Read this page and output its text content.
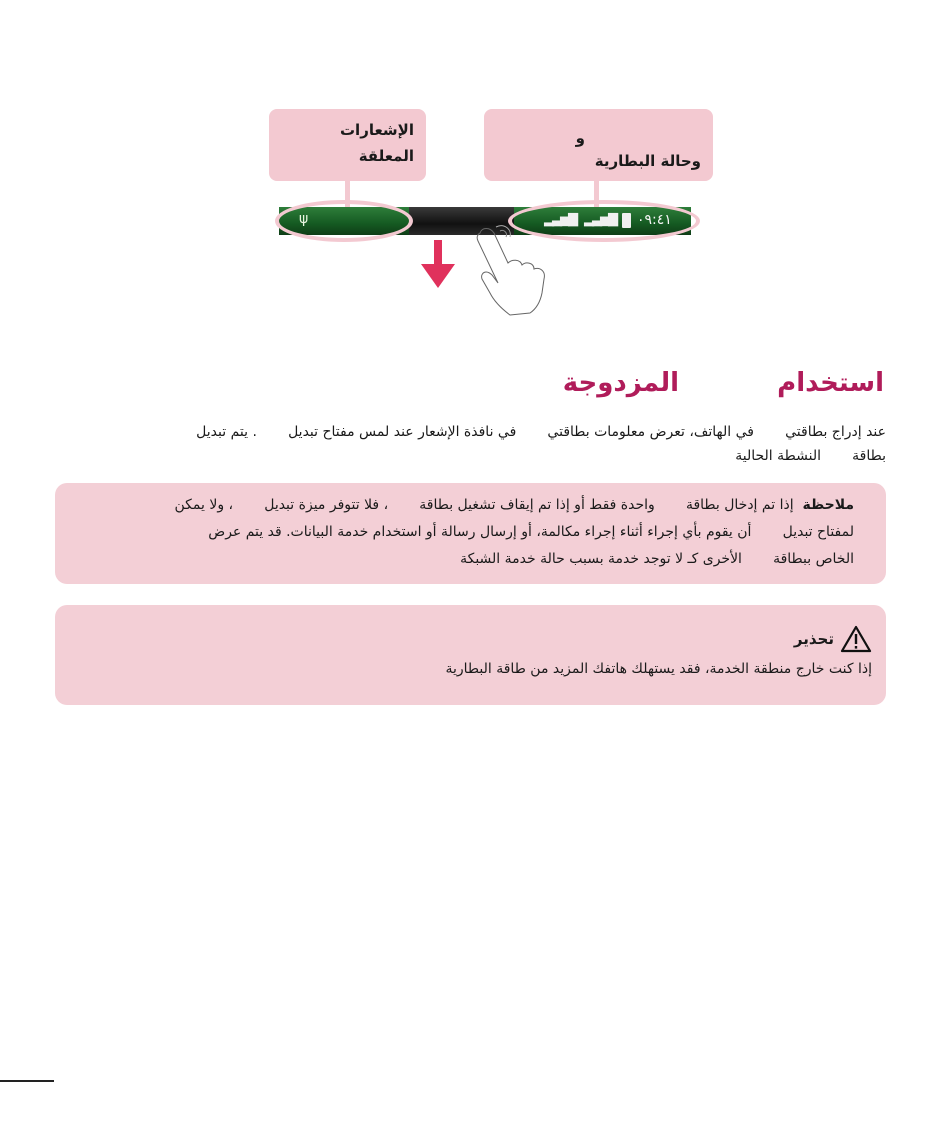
الإشعارات
المعلقة
و
وحالة البطارية
ψ	▂▃▅▇ ▂▃▅▇ ٠٩:٤١
استخدام  المزدوجة
عند إدراج بطاقتي       في الهاتف، تعرض معلومات بطاقتي       في نافذة الإشعار عند لمس مفتاح تبديل       . يتم تبديل
بطاقة       النشطة الحالية
ملاحظة  إذا تم إدخال بطاقة       واحدة فقط أو إذا تم إيقاف تشغيل بطاقة       ، فلا تتوفر ميزة تبديل       ، ولا يمكن
لمفتاح تبديل       أن يقوم بأي إجراء أثناء إجراء مكالمة، أو إرسال رسالة أو استخدام خدمة البيانات. قد يتم عرض
الخاص ببطاقة       الأخرى كـ لا توجد خدمة بسبب حالة خدمة الشبكة
تحذير
إذا كنت خارج منطقة الخدمة، فقد يستهلك هاتفك المزيد من طاقة البطارية
